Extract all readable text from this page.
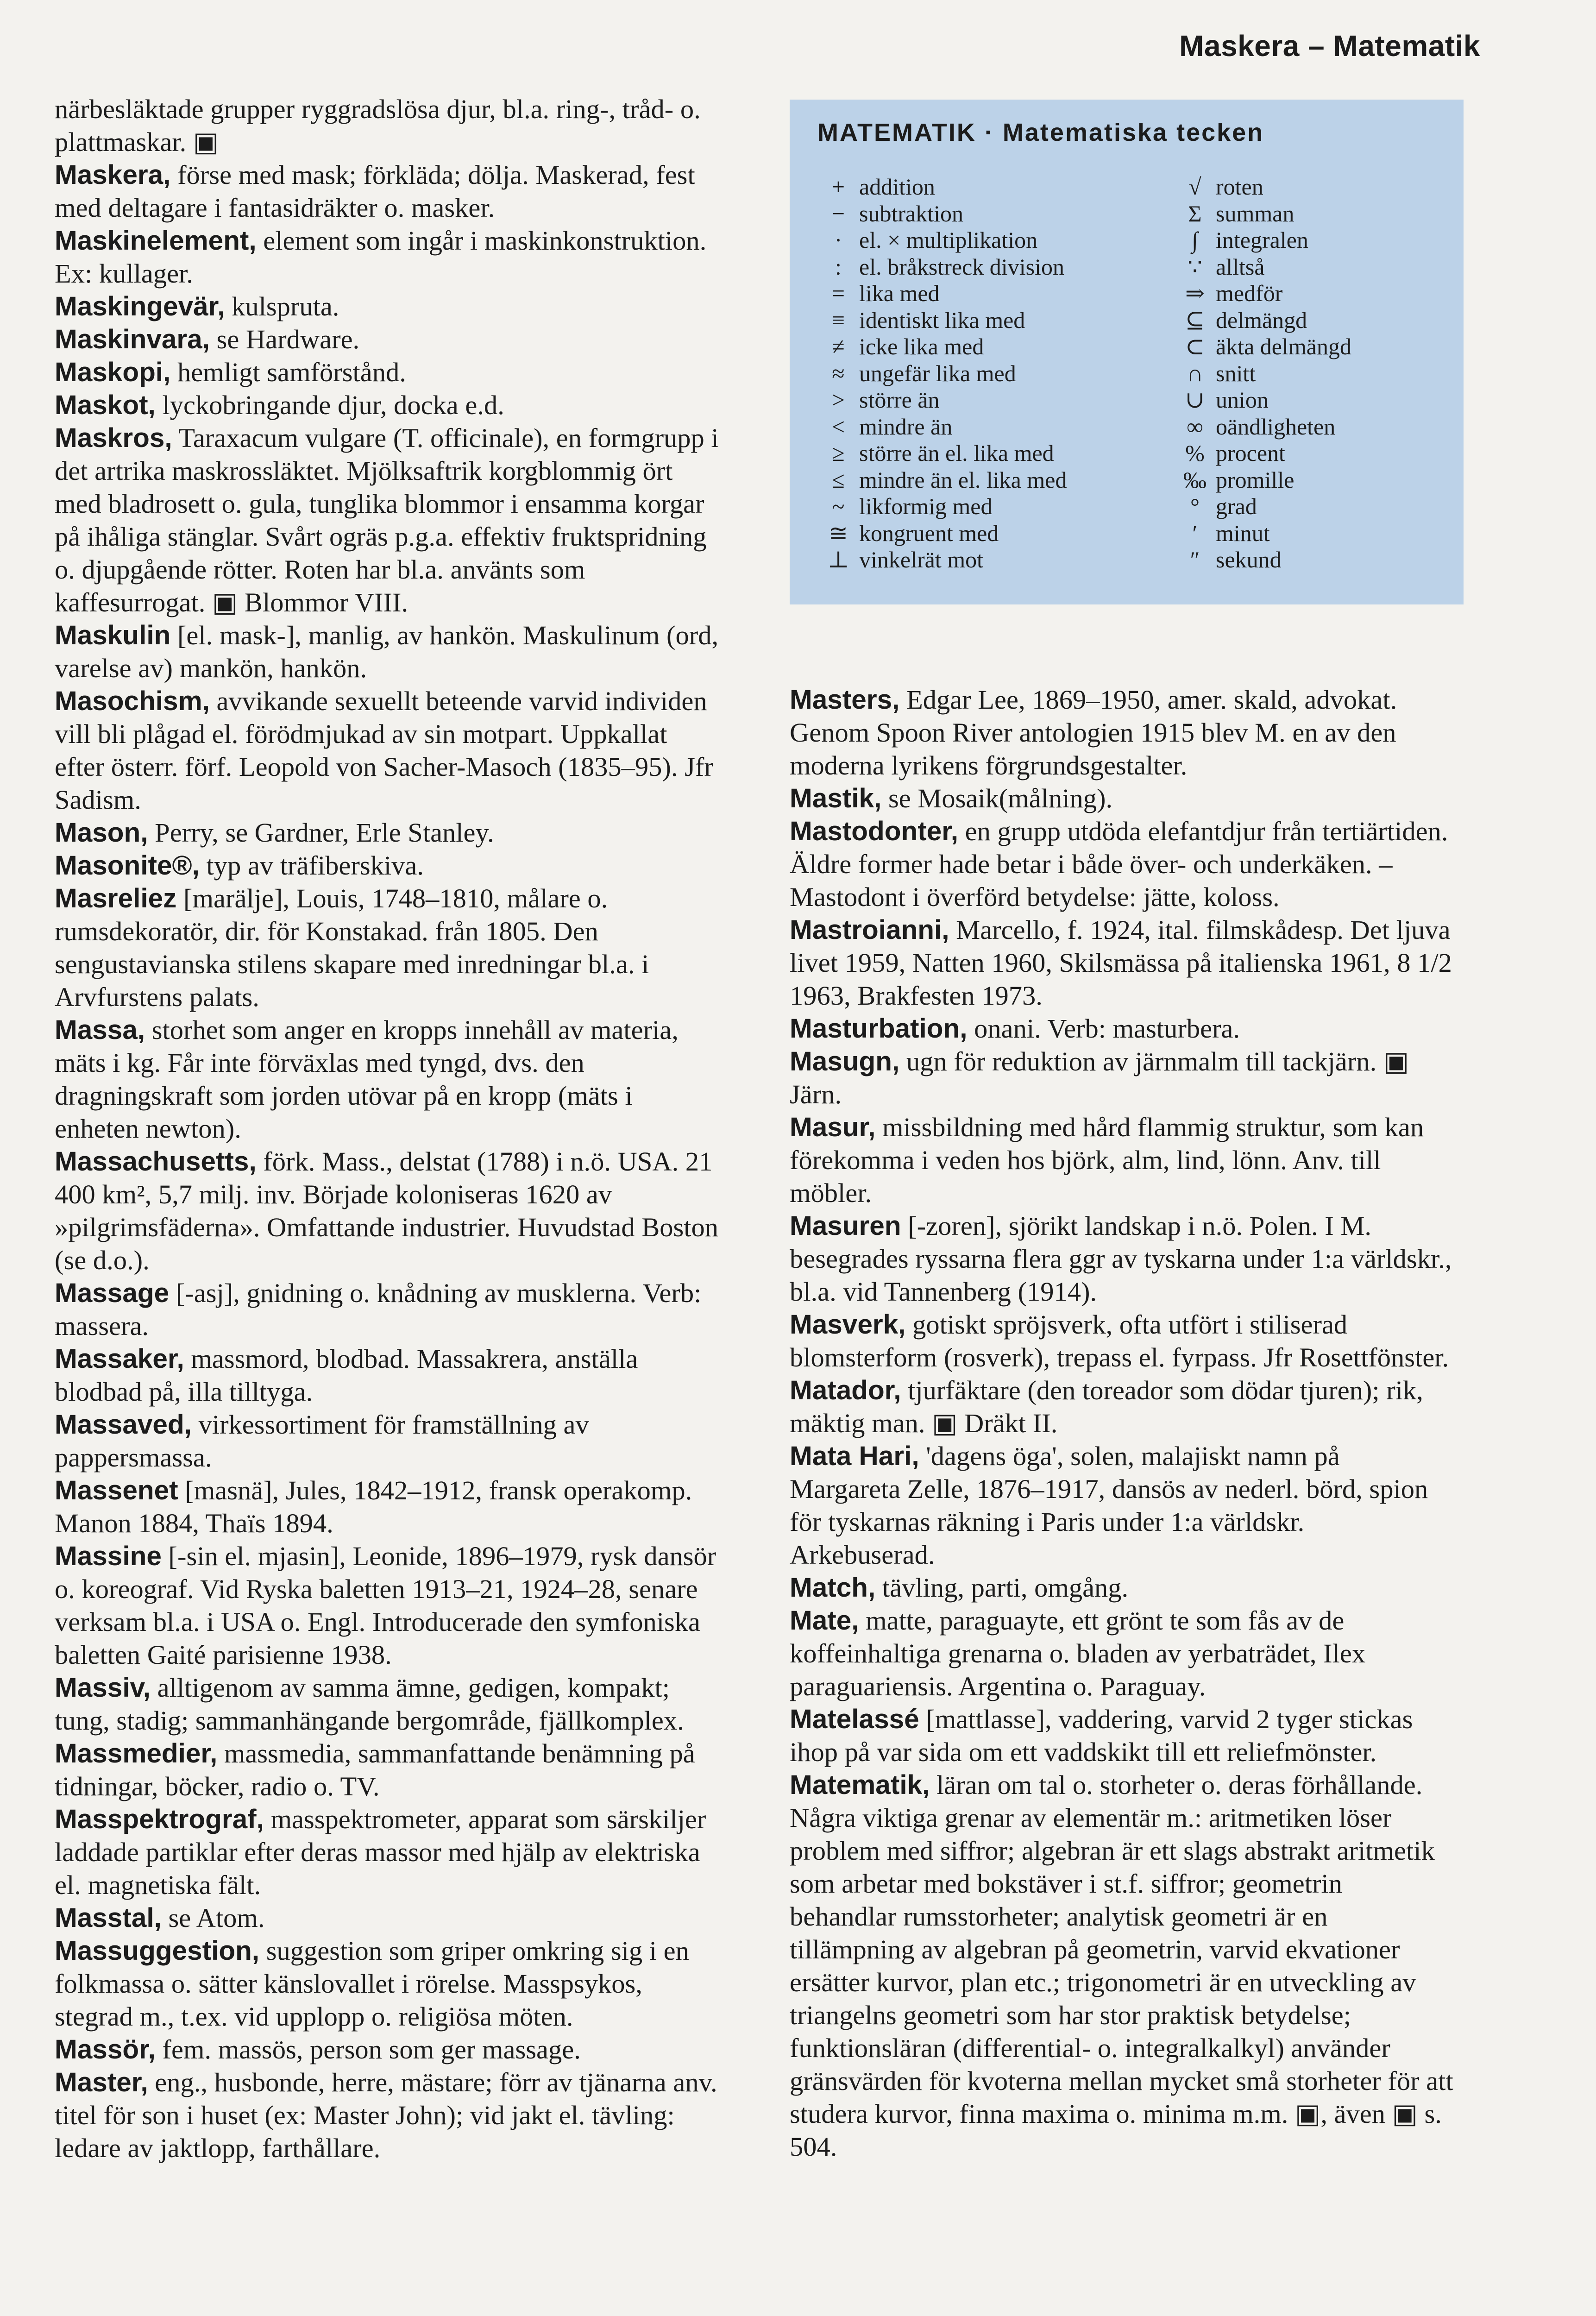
Maskera – Matematik

närbesläktade grupper ryggradslösa djur, bl.a. ring-, tråd- o. plattmaskar. ▣

Maskera, förse med mask; förkläda; dölja. Maskerad, fest med deltagare i fantasidräkter o. masker.

Maskinelement, element som ingår i maskinkonstruktion. Ex: kullager.

Maskingevär, kulspruta.

Maskinvara, se Hardware.

Maskopi, hemligt samförstånd.

Maskot, lyckobringande djur, docka e.d.

Maskros, Taraxacum vulgare (T. officinale), en formgrupp i det artrika maskrossläktet. Mjölksaftrik korgblommig ört med bladrosett o. gula, tunglika blommor i ensamma korgar på ihåliga stänglar. Svårt ogräs p.g.a. effektiv fruktspridning o. djupgående rötter. Roten har bl.a. använts som kaffesurrogat. ▣ Blommor VIII.

Maskulin [el. mask-], manlig, av hankön. Maskulinum (ord, varelse av) mankön, hankön.

Masochism, avvikande sexuellt beteende varvid individen vill bli plågad el. förödmjukad av sin motpart. Uppkallat efter österr. förf. Leopold von Sacher-Masoch (1835–95). Jfr Sadism.

Mason, Perry, se Gardner, Erle Stanley.

Masonite®, typ av träfiberskiva.

Masreliez [marälje], Louis, 1748–1810, målare o. rumsdekoratör, dir. för Konstakad. från 1805. Den sengustavianska stilens skapare med inredningar bl.a. i Arvfurstens palats.

Massa, storhet som anger en kropps innehåll av materia, mäts i kg. Får inte förväxlas med tyngd, dvs. den dragningskraft som jorden utövar på en kropp (mäts i enheten newton).

Massachusetts, förk. Mass., delstat (1788) i n.ö. USA. 21 400 km², 5,7 milj. inv. Började koloniseras 1620 av »pilgrimsfäderna». Omfattande industrier. Huvudstad Boston (se d.o.).

Massage [-asj], gnidning o. knådning av musklerna. Verb: massera.

Massaker, massmord, blodbad. Massakrera, anställa blodbad på, illa tilltyga.

Massaved, virkessortiment för framställning av pappersmassa.

Massenet [masnä], Jules, 1842–1912, fransk operakomp. Manon 1884, Thaïs 1894.

Massine [-sin el. mjasin], Leonide, 1896–1979, rysk dansör o. koreograf. Vid Ryska baletten 1913–21, 1924–28, senare verksam bl.a. i USA o. Engl. Introducerade den symfoniska baletten Gaité parisienne 1938.

Massiv, alltigenom av samma ämne, gedigen, kompakt; tung, stadig; sammanhängande bergområde, fjällkomplex.

Massmedier, massmedia, sammanfattande benämning på tidningar, böcker, radio o. TV.

Masspektrograf, masspektrometer, apparat som särskiljer laddade partiklar efter deras massor med hjälp av elektriska el. magnetiska fält.

Masstal, se Atom.

Massuggestion, suggestion som griper omkring sig i en folkmassa o. sätter känslovallet i rörelse. Masspsykos, stegrad m., t.ex. vid upplopp o. religiösa möten.

Massör, fem. massös, person som ger massage.

Master, eng., husbonde, herre, mästare; förr av tjänarna anv. titel för son i huset (ex: Master John); vid jakt el. tävling: ledare av jaktlopp, farthållare.

MATEMATIK · Matematiska tecken
+ addition
− subtraktion
· el. × multiplikation
: el. bråkstreck division
= lika med
≡ identiskt lika med
≠ icke lika med
≈ ungefär lika med
> större än
< mindre än
≥ större än el. lika med
≤ mindre än el. lika med
~ likformig med
≅ kongruent med
⊥ vinkelrät mot
√ roten
Σ summan
∫ integralen
∵ alltså
⇒ medför
⊆ delmängd
⊂ äkta delmängd
∩ snitt
∪ union
∞ oändligheten
% procent
‰ promille
° grad
′ minut
″ sekund

Masters, Edgar Lee, 1869–1950, amer. skald, advokat. Genom Spoon River antologien 1915 blev M. en av den moderna lyrikens förgrundsgestalter.

Mastik, se Mosaik(målning).

Mastodonter, en grupp utdöda elefantdjur från tertiärtiden. Äldre former hade betar i både över- och underkäken. – Mastodont i överförd betydelse: jätte, koloss.

Mastroianni, Marcello, f. 1924, ital. filmskådesp. Det ljuva livet 1959, Natten 1960, Skilsmässa på italienska 1961, 8 1/2 1963, Brakfesten 1973.

Masturbation, onani. Verb: masturbera.

Masugn, ugn för reduktion av järnmalm till tackjärn. ▣ Järn.

Masur, missbildning med hård flammig struktur, som kan förekomma i veden hos björk, alm, lind, lönn. Anv. till möbler.

Masuren [-zoren], sjörikt landskap i n.ö. Polen. I M. besegrades ryssarna flera ggr av tyskarna under 1:a världskr., bl.a. vid Tannenberg (1914).

Masverk, gotiskt spröjsverk, ofta utfört i stiliserad blomsterform (rosverk), trepass el. fyrpass. Jfr Rosettfönster.

Matador, tjurfäktare (den toreador som dödar tjuren); rik, mäktig man. ▣ Dräkt II.

Mata Hari, 'dagens öga', solen, malajiskt namn på Margareta Zelle, 1876–1917, dansös av nederl. börd, spion för tyskarnas räkning i Paris under 1:a världskr. Arkebuserad.

Match, tävling, parti, omgång.

Mate, matte, paraguayte, ett grönt te som fås av de koffeinhaltiga grenarna o. bladen av yerbaträdet, Ilex paraguariensis. Argentina o. Paraguay.

Matelassé [mattlasse], vaddering, varvid 2 tyger stickas ihop på var sida om ett vaddskikt till ett reliefmönster.

Matematik, läran om tal o. storheter o. deras förhållande. Några viktiga grenar av elementär m.: aritmetiken löser problem med siffror; algebran är ett slags abstrakt aritmetik som arbetar med bokstäver i st.f. siffror; geometrin behandlar rumsstorheter; analytisk geometri är en tillämpning av algebran på geometrin, varvid ekvationer ersätter kurvor, plan etc.; trigonometri är en utveckling av triangelns geometri som har stor praktisk betydelse; funktionsläran (differential- o. integralkalkyl) använder gränsvärden för kvoterna mellan mycket små storheter för att studera kurvor, finna maxima o. minima m.m. ▣, även ▣ s. 504.
